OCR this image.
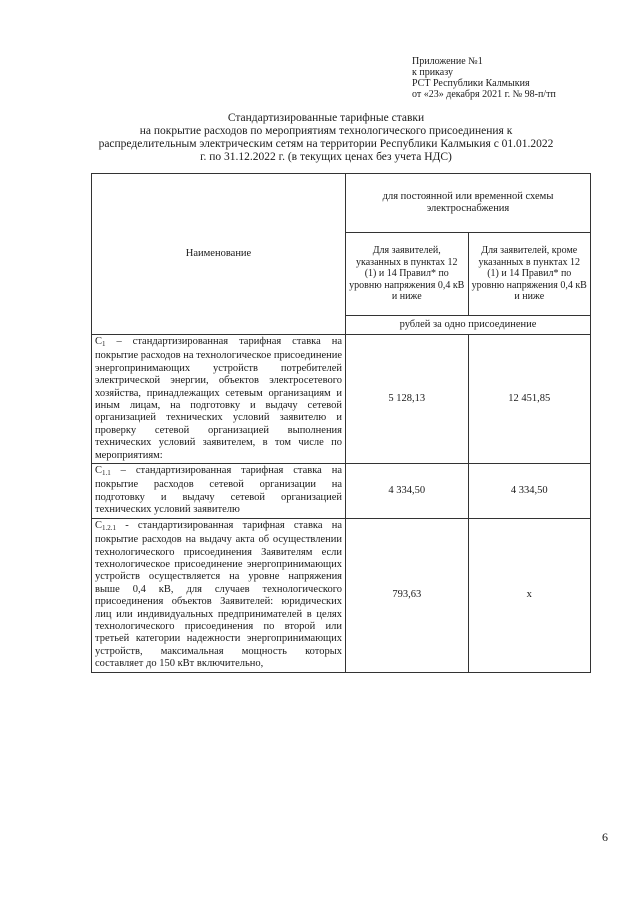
Приложение №1
к приказу
РСТ Республики Калмыкия
от «23» декабря 2021 г. № 98-п/тп
Стандартизированные тарифные ставки
на покрытие расходов по мероприятиям технологического присоединения к
распределительным электрическим сетям на территории Республики Калмыкия с 01.01.2022
г. по 31.12.2022 г. (в текущих ценах без учета НДС)
Наименование	для постоянной или временной схемы электроснабжения	
	Для заявителей, указанных в пунктах 12 (1) и 14 Правил* по уровню напряжения 0,4 кВ и ниже	Для заявителей, кроме указанных в пунктах 12 (1) и 14 Правил* по уровню напряжения 0,4 кВ и ниже
	рублей за одно присоединение	
$С_1$ – стандартизированная тарифная ставка на покрытие расходов на технологическое присоединение энергопринимающих устройств потребителей электрической энергии, объектов электросетевого хозяйства, принадлежащих сетевым организациям и иным лицам, на подготовку и выдачу сетевой организацией технических условий заявителю и проверку сетевой организацией выполнения технических условий заявителем, в том числе по мероприятиям:	5 128,13	12 451,85
$С_{1.1}$ – стандартизированная тарифная ставка на покрытие расходов сетевой организации на подготовку и выдачу сетевой организацией технических условий заявителю	4 334,50	4 334,50
$С_{1.2.1}$ - стандартизированная тарифная ставка на покрытие расходов на выдачу акта об осуществлении технологического присоединения Заявителям если технологическое присоединение энергопринимающих устройств осуществляется на уровне напряжения выше 0,4 кВ, для случаев технологического присоединения объектов Заявителей: юридических лиц или индивидуальных предпринимателей в целях технологического присоединения по второй или третьей категории надежности энергопринимающих устройств, максимальная мощность которых составляет до 150 кВт включительно,	793,63	х
6
